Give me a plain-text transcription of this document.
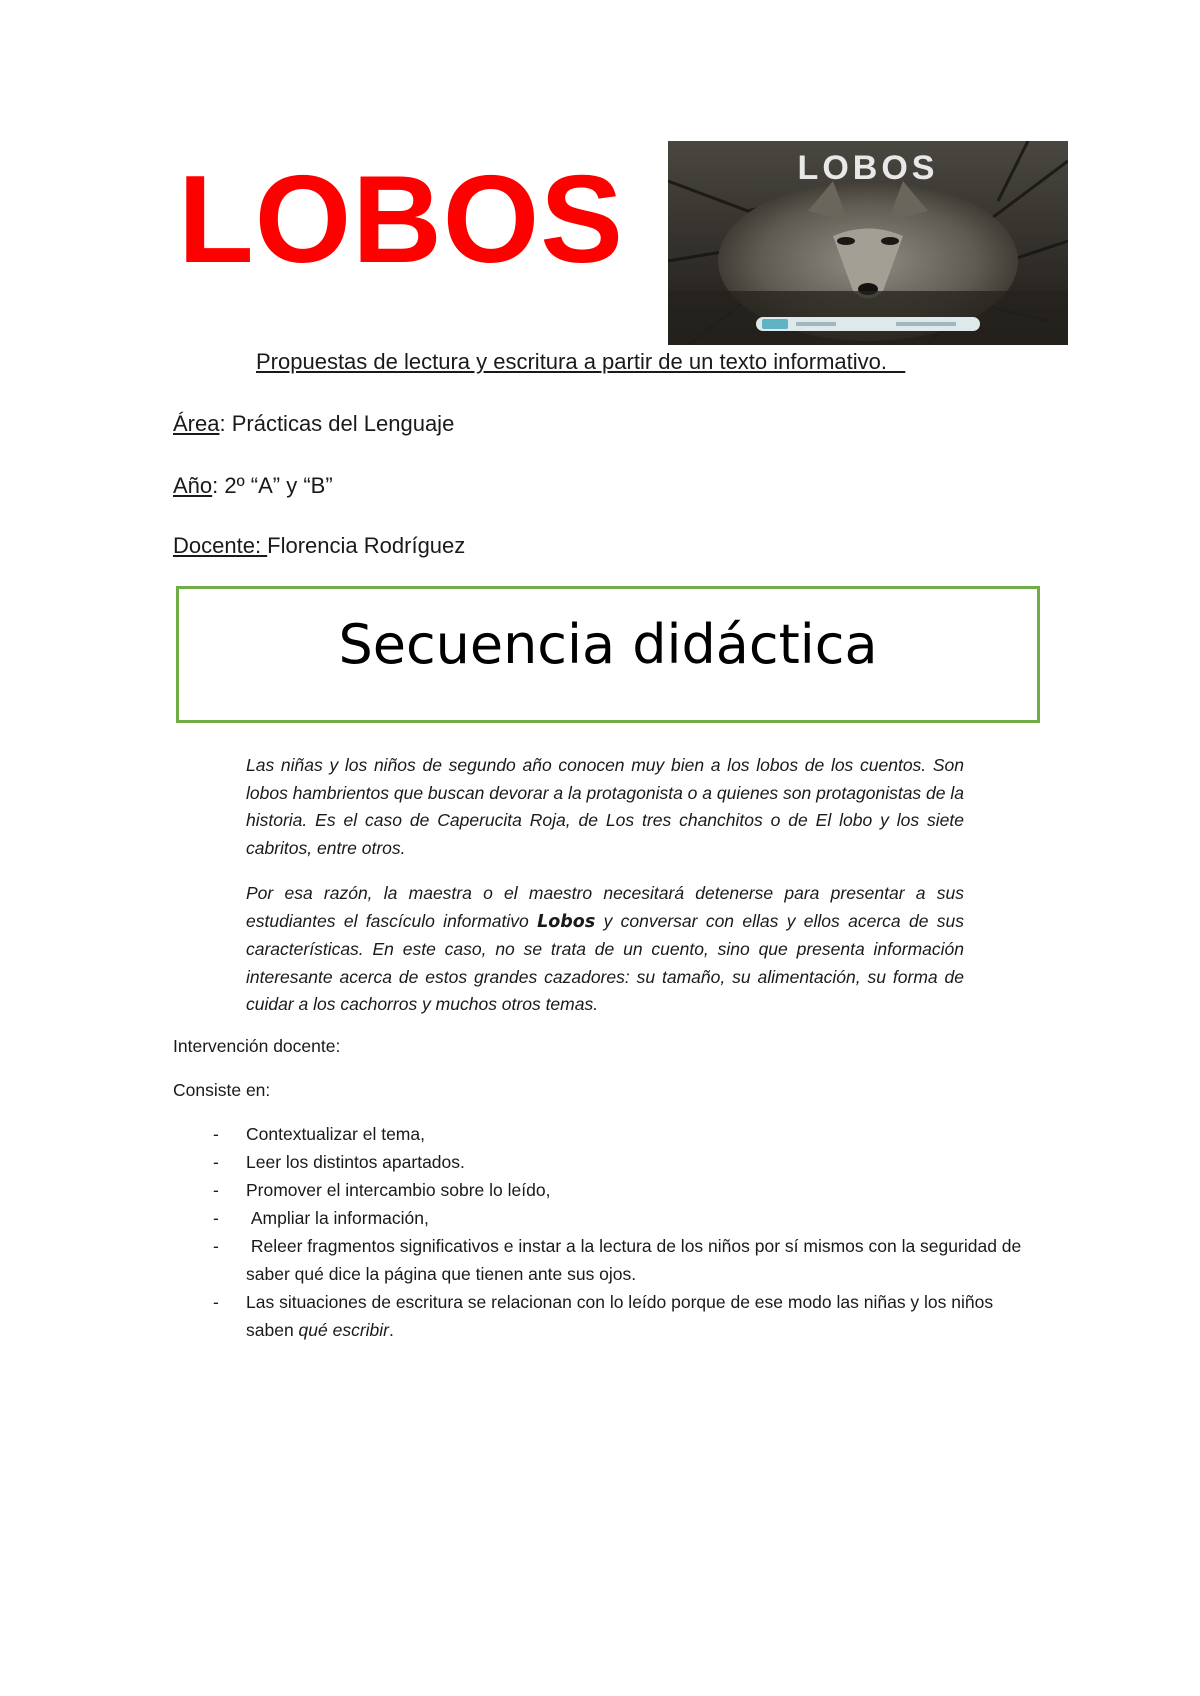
LOBOS	LOBOS
Propuestas de lectura y escritura a partir de un texto informativo.
Área: Prácticas del Lenguaje
Año: 2º “A” y “B”
Docente: Florencia Rodríguez
Secuencia didáctica

Las niñas y los niños de segundo año conocen muy bien a los lobos de los cuentos. Son lobos hambrientos que buscan devorar a la protagonista o a quienes son protagonistas de la historia. Es el caso de Caperucita Roja, de Los tres chanchitos o de El lobo y los siete cabritos, entre otros.

Por esa razón, la maestra o el maestro necesitará detenerse para presentar a sus estudiantes el fascículo informativo Lobos y conversar con ellas y ellos acerca de sus características. En este caso, no se trata de un cuento, sino que presenta información interesante acerca de estos grandes cazadores: su tamaño, su alimentación, su forma de cuidar a los cachorros y muchos otros temas.

Intervención docente:

Consiste en:

- Contextualizar el tema,
- Leer los distintos apartados.
- Promover el intercambio sobre lo leído,
- Ampliar la información,
- Releer fragmentos significativos e instar a la lectura de los niños por sí mismos con la seguridad de saber qué dice la página que tienen ante sus ojos.
- Las situaciones de escritura se relacionan con lo leído porque de ese modo las niñas y los niños saben qué escribir.
